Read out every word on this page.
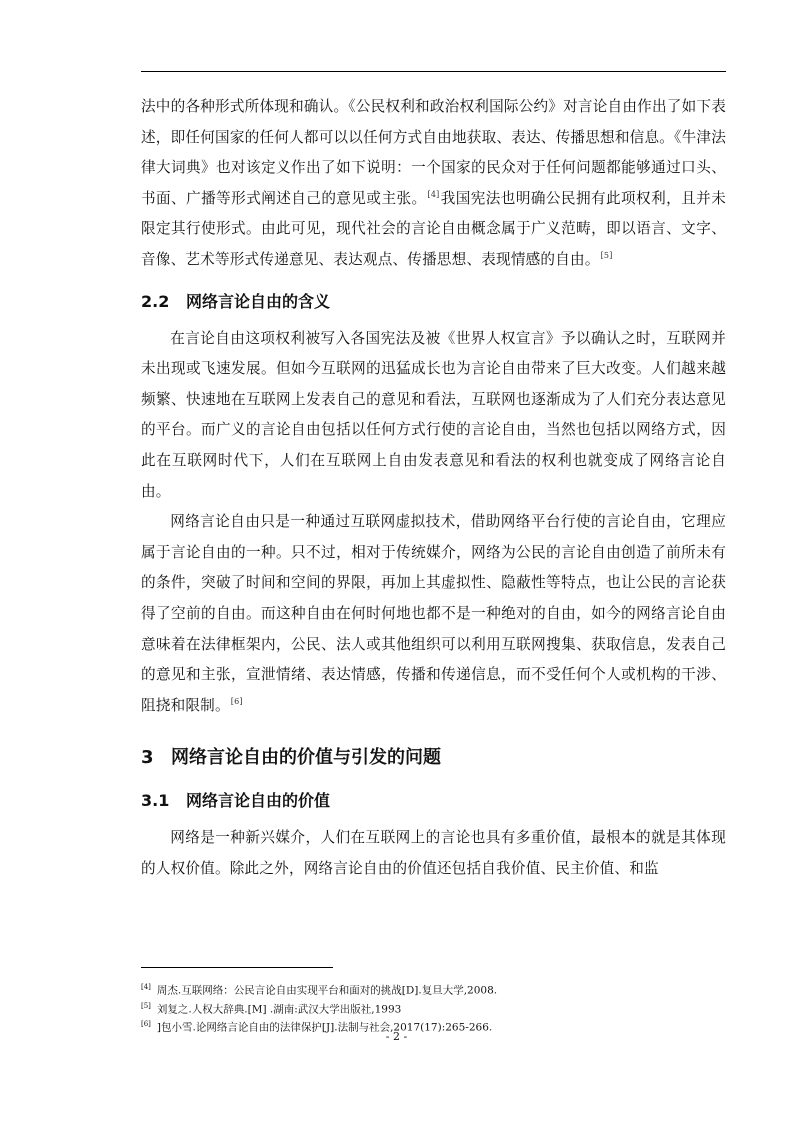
法中的各种形式所体现和确认。《公民权利和政治权利国际公约》对言论自由作出了如下表述，即任何国家的任何人都可以以任何方式自由地获取、表达、传播思想和信息。《牛津法律大词典》也对该定义作出了如下说明：一个国家的民众对于任何问题都能够通过口头、书面、广播等形式阐述自己的意见或主张。[4]我国宪法也明确公民拥有此项权利，且并未限定其行使形式。由此可见，现代社会的言论自由概念属于广义范畴，即以语言、文字、音像、艺术等形式传递意见、表达观点、传播思想、表现情感的自由。[5]

2.2 网络言论自由的含义

在言论自由这项权利被写入各国宪法及被《世界人权宣言》予以确认之时，互联网并未出现或飞速发展。但如今互联网的迅猛成长也为言论自由带来了巨大改变。人们越来越频繁、快速地在互联网上发表自己的意见和看法，互联网也逐渐成为了人们充分表达意见的平台。而广义的言论自由包括以任何方式行使的言论自由，当然也包括以网络方式，因此在互联网时代下，人们在互联网上自由发表意见和看法的权利也就变成了网络言论自由。

网络言论自由只是一种通过互联网虚拟技术，借助网络平台行使的言论自由，它理应属于言论自由的一种。只不过，相对于传统媒介，网络为公民的言论自由创造了前所未有的条件，突破了时间和空间的界限，再加上其虚拟性、隐蔽性等特点，也让公民的言论获得了空前的自由。而这种自由在何时何地也都不是一种绝对的自由，如今的网络言论自由意味着在法律框架内，公民、法人或其他组织可以利用互联网搜集、获取信息，发表自己的意见和主张，宣泄情绪、表达情感，传播和传递信息，而不受任何个人或机构的干涉、阻挠和限制。[6]

3 网络言论自由的价值与引发的问题
3.1 网络言论自由的价值

网络是一种新兴媒介，人们在互联网上的言论也具有多重价值，最根本的就是其体现的人权价值。除此之外，网络言论自由的价值还包括自我价值、民主价值、和监

[4] 周杰.互联网络：公民言论自由实现平台和面对的挑战[D].复旦大学,2008.

[5] 刘复之.人权大辞典.[M] .湖南:武汉大学出版社,1993

[6] ]包小雪.论网络言论自由的法律保护[J].法制与社会,2017(17):265-266.

- 2 -
